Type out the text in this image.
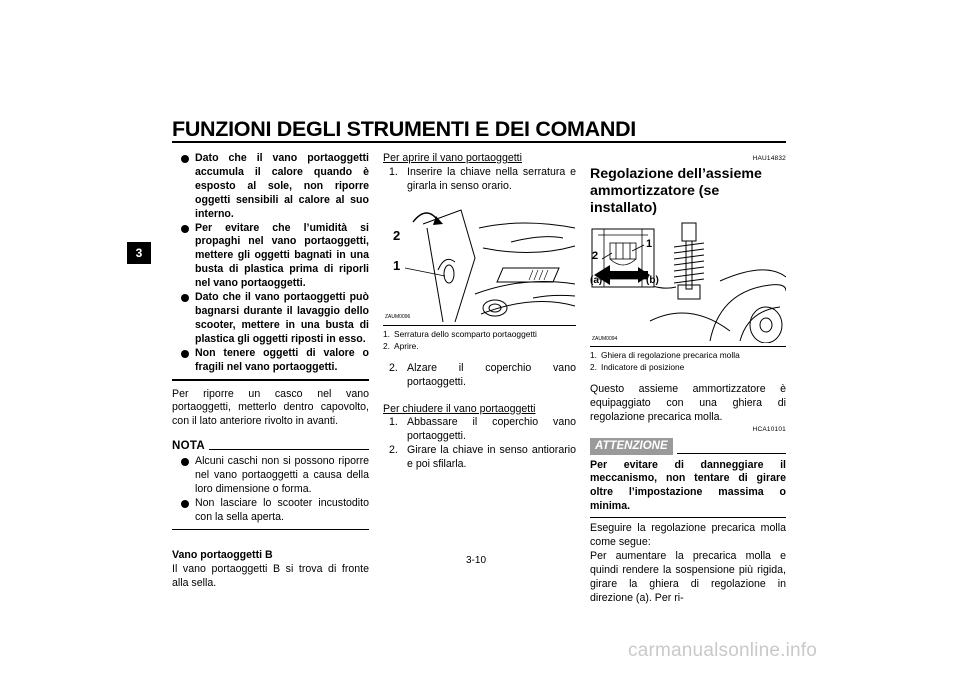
FUNZIONI DEGLI STRUMENTI E DEI COMANDI
3
Dato che il vano portaoggetti accumula il calore quando è esposto al sole, non riporre oggetti sensibili al calore al suo interno.
Per evitare che l’umidità si propaghi nel vano portaoggetti, mettere gli oggetti bagnati in una busta di plastica prima di riporli nel vano portaoggetti.
Dato che il vano portaoggetti può bagnarsi durante il lavaggio dello scooter, mettere in una busta di plastica gli oggetti riposti in esso.
Non tenere oggetti di valore o fragili nel vano portaoggetti.

Per riporre un casco nel vano portaoggetti, metterlo dentro capovolto, con il lato anteriore rivolto in avanti.

NOTA
Alcuni caschi non si possono riporre nel vano portaoggetti a causa della loro dimensione o forma.
Non lasciare lo scooter incustodito con la sella aperta.
Vano portaoggetti B

Il vano portaoggetti B si trova di fronte alla sella.

Per aprire il vano portaoggetti
1. Inserire la chiave nella serratura e girarla in senso orario.
2
1
ZAUM0096
1. Serratura dello scomparto portaoggetti
2. Aprire.
2. Alzare il coperchio vano portaoggetti.
Per chiudere il vano portaoggetti
1. Abbassare il coperchio vano portaoggetti.
2. Girare la chiave in senso antiorario e poi sfilarla.
HAU14832
Regolazione dell’assieme ammortizzatore (se installato)
2
1
(a)	(b)
ZAUM0094
1. Ghiera di regolazione precarica molla
2. Indicatore di posizione

Questo assieme ammortizzatore è equipaggiato con una ghiera di regolazione precarica molla.

HCA10101
ATTENZIONE

Per evitare di danneggiare il meccanismo, non tentare di girare oltre l’impostazione massima o minima.

Eseguire la regolazione precarica molla come segue:

Per aumentare la precarica molla e quindi rendere la sospensione più rigida, girare la ghiera di regolazione in direzione (a). Per ri-

3-10
carmanualsonline.info
